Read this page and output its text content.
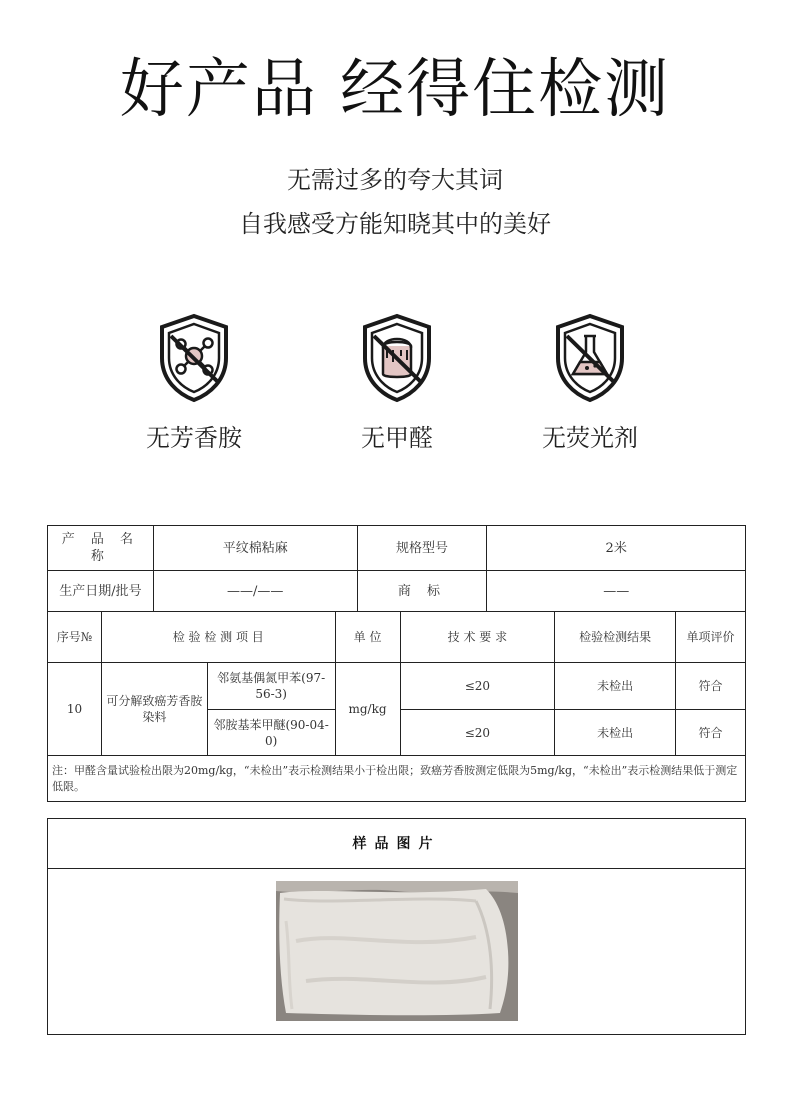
好产品 经得住检测
无需过多的夸大其词
自我感受方能知晓其中的美好
无芳香胺	无甲醛	无荧光剂
产 品 名 称	平纹棉粘麻	规格型号	2米
生产日期/批号	——/——	商 标	——
序号№	检 验 检 测 项 目		单 位	技 术 要 求	检验检测结果	单项评价
10	可分解致癌芳香胺染料	邻氨基偶氮甲苯(97-56-3)	mg/kg	≤20	未检出	符合
		邻胺基苯甲醚(90-04-0)		≤20	未检出	符合
注：甲醛含量试验检出限为20mg/kg，“未检出”表示检测结果小于检出限；致癌芳香胺测定低限为5mg/kg，“未检出”表示检测结果低于测定低限。						
样品图片
